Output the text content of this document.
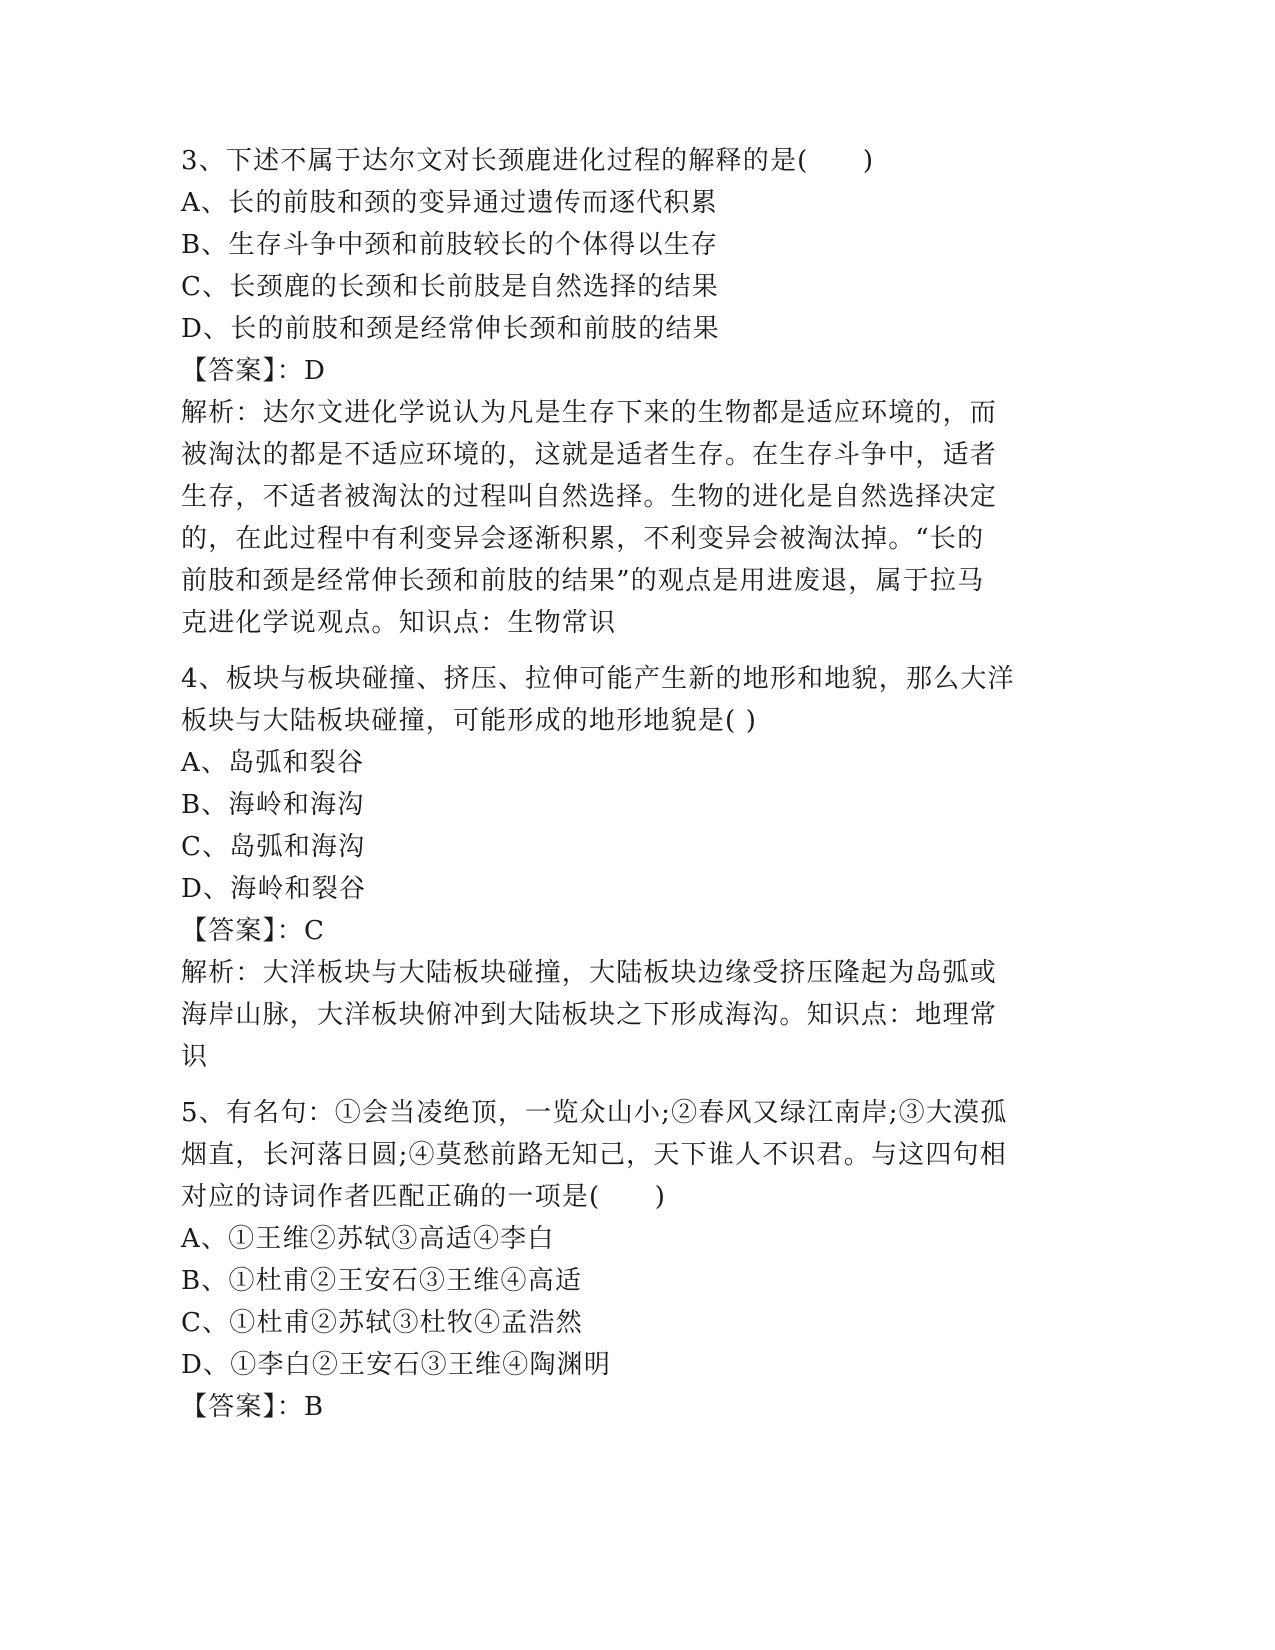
3、下述不属于达尔文对长颈鹿进化过程的解释的是(　　)
A、长的前肢和颈的变异通过遗传而逐代积累
B、生存斗争中颈和前肢较长的个体得以生存
C、长颈鹿的长颈和长前肢是自然选择的结果
D、长的前肢和颈是经常伸长颈和前肢的结果
【答案】：D
解析：达尔文进化学说认为凡是生存下来的生物都是适应环境的，而
被淘汰的都是不适应环境的，这就是适者生存。在生存斗争中，适者
生存，不适者被淘汰的过程叫自然选择。生物的进化是自然选择决定
的，在此过程中有利变异会逐渐积累，不利变异会被淘汰掉。“长的
前肢和颈是经常伸长颈和前肢的结果”的观点是用进废退，属于拉马
克进化学说观点。知识点：生物常识
4、板块与板块碰撞、挤压、拉伸可能产生新的地形和地貌，那么大洋
板块与大陆板块碰撞，可能形成的地形地貌是( )
A、岛弧和裂谷
B、海岭和海沟
C、岛弧和海沟
D、海岭和裂谷
【答案】：C
解析：大洋板块与大陆板块碰撞，大陆板块边缘受挤压隆起为岛弧或
海岸山脉，大洋板块俯冲到大陆板块之下形成海沟。知识点：地理常
识
5、有名句：①会当凌绝顶，一览众山小;②春风又绿江南岸;③大漠孤
烟直，长河落日圆;④莫愁前路无知己，天下谁人不识君。与这四句相
对应的诗词作者匹配正确的一项是(　　)
A、①王维②苏轼③高适④李白
B、①杜甫②王安石③王维④高适
C、①杜甫②苏轼③杜牧④孟浩然
D、①李白②王安石③王维④陶渊明
【答案】：B
